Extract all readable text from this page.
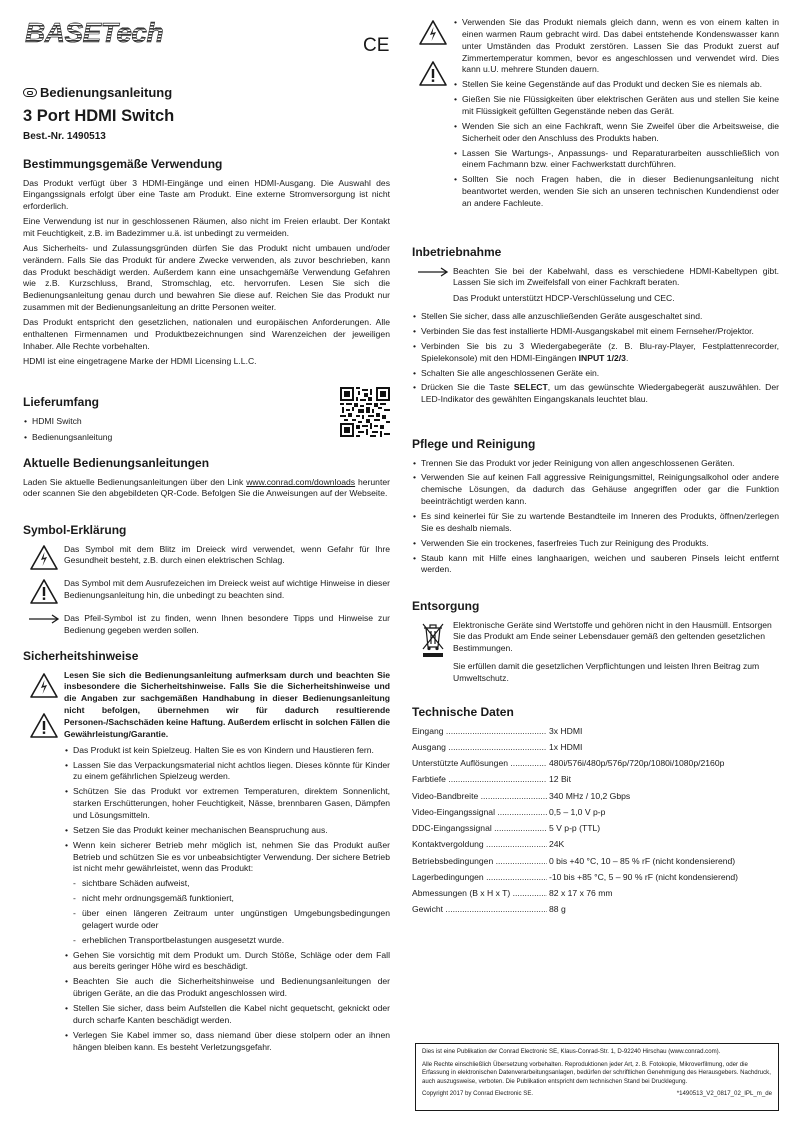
BASETech	CE
Bedienungsanleitung
3 Port HDMI Switch
Best.-Nr. 1490513
Bestimmungsgemäße Verwendung

Das Produkt verfügt über 3 HDMI-Eingänge und einen HDMI-Ausgang. Die Auswahl des Eingangssignals erfolgt über eine Taste am Produkt. Eine externe Stromversorgung ist nicht erforderlich.

Eine Verwendung ist nur in geschlossenen Räumen, also nicht im Freien erlaubt. Der Kontakt mit Feuchtigkeit, z.B. im Badezimmer u.ä. ist unbedingt zu vermeiden.

Aus Sicherheits- und Zulassungsgründen dürfen Sie das Produkt nicht umbauen und/oder verändern. Falls Sie das Produkt für andere Zwecke verwenden, als zuvor beschrieben, kann das Produkt beschädigt werden. Außerdem kann eine unsachgemäße Verwendung Gefahren wie z.B. Kurzschluss, Brand, Stromschlag, etc. hervorrufen. Lesen Sie sich die Bedienungsanleitung genau durch und bewahren Sie diese auf. Reichen Sie das Produkt nur zusammen mit der Bedienungsanleitung an dritte Personen weiter.

Das Produkt entspricht den gesetzlichen, nationalen und europäischen Anforderungen. Alle enthaltenen Firmennamen und Produktbezeichnungen sind Warenzeichen der jeweiligen Inhaber. Alle Rechte vorbehalten.

HDMI ist eine eingetragene Marke der HDMI Licensing L.L.C.

Lieferumfang
• HDMI Switch
• Bedienungsanleitung
Aktuelle Bedienungsanleitungen

Laden Sie aktuelle Bedienungsanleitungen über den Link www.conrad.com/downloads herunter oder scannen Sie den abgebildeten QR-Code. Befolgen Sie die Anweisungen auf der Webseite.

Symbol-Erklärung

Das Symbol mit dem Blitz im Dreieck wird verwendet, wenn Gefahr für Ihre Gesundheit besteht, z.B. durch einen elektrischen Schlag.

Das Symbol mit dem Ausrufezeichen im Dreieck weist auf wichtige Hinweise in dieser Bedienungsanleitung hin, die unbedingt zu beachten sind.

Das Pfeil-Symbol ist zu finden, wenn Ihnen besondere Tipps und Hinweise zur Bedienung gegeben werden sollen.

Sicherheitshinweise

Lesen Sie sich die Bedienungsanleitung aufmerksam durch und beachten Sie insbesondere die Sicherheitshinweise. Falls Sie die Sicherheitshinweise und die Angaben zur sachgemäßen Handhabung in dieser Bedienungsanleitung nicht befolgen, übernehmen wir für dadurch resultierende Personen-/Sachschäden keine Haftung. Außerdem erlischt in solchen Fällen die Gewährleistung/Garantie.

• Das Produkt ist kein Spielzeug. Halten Sie es von Kindern und Haustieren fern.
• Lassen Sie das Verpackungsmaterial nicht achtlos liegen. Dieses könnte für Kinder zu einem gefährlichen Spielzeug werden.
• Schützen Sie das Produkt vor extremen Temperaturen, direktem Sonnenlicht, starken Erschütterungen, hoher Feuchtigkeit, Nässe, brennbaren Gasen, Dämpfen und Lösungsmitteln.
• Setzen Sie das Produkt keiner mechanischen Beanspruchung aus.
• Wenn kein sicherer Betrieb mehr möglich ist, nehmen Sie das Produkt außer Betrieb und schützen Sie es vor unbeabsichtigter Verwendung. Der sichere Betrieb ist nicht mehr gewährleistet, wenn das Produkt:
- sichtbare Schäden aufweist,
- nicht mehr ordnungsgemäß funktioniert,
- über einen längeren Zeitraum unter ungünstigen Umgebungsbedingungen gelagert wurde oder
- erheblichen Transportbelastungen ausgesetzt wurde.
• Gehen Sie vorsichtig mit dem Produkt um. Durch Stöße, Schläge oder dem Fall aus bereits geringer Höhe wird es beschädigt.
• Beachten Sie auch die Sicherheitshinweise und Bedienungsanleitungen der übrigen Geräte, an die das Produkt angeschlossen wird.
• Stellen Sie sicher, dass beim Aufstellen die Kabel nicht gequetscht, geknickt oder durch scharfe Kanten beschädigt werden.
• Verlegen Sie Kabel immer so, dass niemand über diese stolpern oder an ihnen hängen bleiben kann. Es besteht Verletzungsgefahr.
• Verwenden Sie das Produkt niemals gleich dann, wenn es von einem kalten in einen warmen Raum gebracht wird. Das dabei entstehende Kondenswasser kann unter Umständen das Produkt zerstören. Lassen Sie das Produkt zuerst auf Zimmertemperatur kommen, bevor es angeschlossen und verwendet wird. Dies kann u.U. mehrere Stunden dauern.
• Stellen Sie keine Gegenstände auf das Produkt und decken Sie es niemals ab.
• Gießen Sie nie Flüssigkeiten über elektrischen Geräten aus und stellen Sie keine mit Flüssigkeit gefüllten Gegenstände neben das Gerät.
• Wenden Sie sich an eine Fachkraft, wenn Sie Zweifel über die Arbeitsweise, die Sicherheit oder den Anschluss des Produkts haben.
• Lassen Sie Wartungs-, Anpassungs- und Reparaturarbeiten ausschließlich von einem Fachmann bzw. einer Fachwerkstatt durchführen.
• Sollten Sie noch Fragen haben, die in dieser Bedienungsanleitung nicht beantwortet werden, wenden Sie sich an unseren technischen Kundendienst oder an andere Fachleute.
Inbetriebnahme

Beachten Sie bei der Kabelwahl, dass es verschiedene HDMI-Kabeltypen gibt. Lassen Sie sich im Zweifelsfall von einer Fachkraft beraten.

Das Produkt unterstützt HDCP-Verschlüsselung und CEC.

• Stellen Sie sicher, dass alle anzuschließenden Geräte ausgeschaltet sind.
• Verbinden Sie das fest installierte HDMI-Ausgangskabel mit einem Fernseher/Projektor.
• Verbinden Sie bis zu 3 Wiedergabegeräte (z. B. Blu-ray-Player, Festplattenrecorder, Spielekonsole) mit den HDMI-Eingängen INPUT 1/2/3.
• Schalten Sie alle angeschlossenen Geräte ein.
• Drücken Sie die Taste SELECT, um das gewünschte Wiedergabegerät auszuwählen. Der LED-Indikator des gewählten Eingangskanals leuchtet blau.
Pflege und Reinigung
• Trennen Sie das Produkt vor jeder Reinigung von allen angeschlossenen Geräten.
• Verwenden Sie auf keinen Fall aggressive Reinigungsmittel, Reinigungsalkohol oder andere chemische Lösungen, da dadurch das Gehäuse angegriffen oder gar die Funktion beeinträchtigt werden kann.
• Es sind keinerlei für Sie zu wartende Bestandteile im Inneren des Produkts, öffnen/zerlegen Sie es deshalb niemals.
• Verwenden Sie ein trockenes, faserfreies Tuch zur Reinigung des Produkts.
• Staub kann mit Hilfe eines langhaarigen, weichen und sauberen Pinsels leicht entfernt werden.
Entsorgung

Elektronische Geräte sind Wertstoffe und gehören nicht in den Hausmüll. Entsorgen Sie das Produkt am Ende seiner Lebensdauer gemäß den geltenden gesetzlichen Bestimmungen.

Sie erfüllen damit die gesetzlichen Verpflichtungen und leisten Ihren Beitrag zum Umweltschutz.

Technische Daten
Eingang .....	3x HDMI
Ausgang .....	1x HDMI
Unterstützte Auflösungen .....	480i/576i/480p/576p/720p/1080i/1080p/2160p
Farbtiefe .....	12 Bit
Video-Bandbreite .....	340 MHz / 10,2 Gbps
Video-Eingangssignal .....	0,5 – 1,0 V p-p
DDC-Eingangssignal .....	5 V p-p (TTL)
Kontaktvergoldung .....	24K
Betriebsbedingungen .....	0 bis +40 °C, 10 – 85 % rF (nicht kondensierend)
Lagerbedingungen .....	-10 bis +85 °C, 5 – 90 % rF (nicht kondensierend)
Abmessungen (B x H x T) .....	82 x 17 x 76 mm
Gewicht .....	88 g
Dies ist eine Publikation der Conrad Electronic SE, Klaus-Conrad-Str. 1, D-92240 Hirschau (www.conrad.com).
Alle Rechte einschließlich Übersetzung vorbehalten. Reproduktionen jeder Art, z. B. Fotokopie, Mikroverfilmung, oder die Erfassung in elektronischen Datenverarbeitungsanlagen, bedürfen der schriftlichen Genehmigung des Herausgebers. Nachdruck, auch auszugsweise, verboten. Die Publikation entspricht dem technischen Stand bei Drucklegung.
Copyright 2017 by Conrad Electronic SE.	*1490513_V2_0817_02_IPL_m_de
